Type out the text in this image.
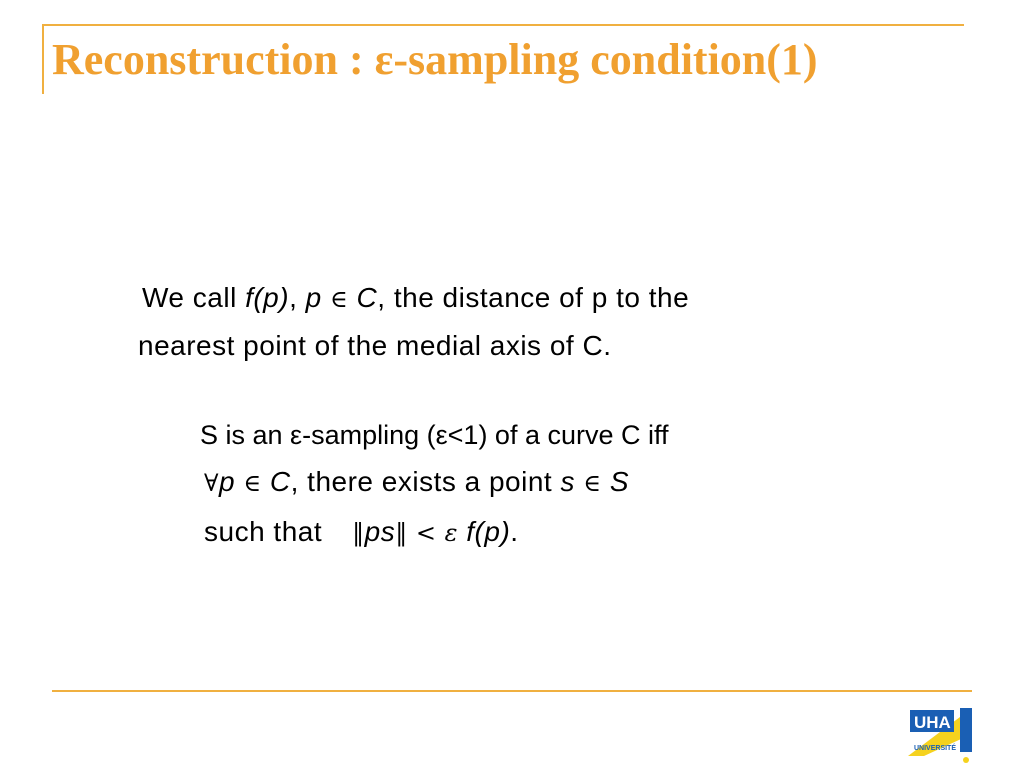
Reconstruction : ε-sampling condition(1)
We call f(p), p ∈ C, the distance of p to the
nearest point of the medial axis of C.
S is an ε-sampling (ε<1) of a curve C iff
∀p ∈ C, there exists a point s ∈ S
such that ‖ps‖ < ε f(p).
UHA
UNIVERSITÉ
